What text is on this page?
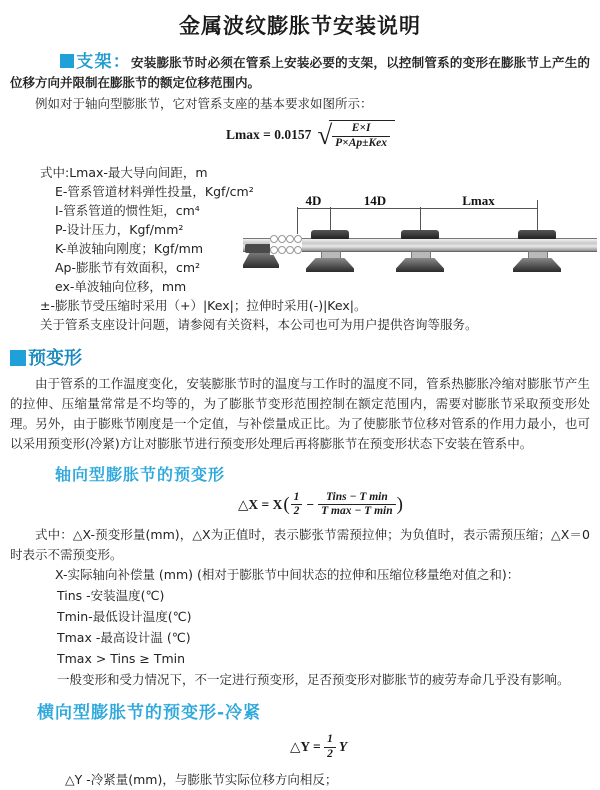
金属波纹膨胀节安装说明

支架：安装膨胀节时必须在管系上安装必要的支架，以控制管系的变形在膨胀节上产生的位移方向并限制在膨胀节的额定位移范围内。

例如对于轴向型膨胀节，它对管系支座的基本要求如图所示：

Lmax = 0.0157 √ $\frac{E\times I}{\text{P×Ap±Kex}}$
式中:Lmax-最大导向间距，m
E-管系管道材料弹性投量，Kgf/cm²
I-管系管道的惯性矩，cm⁴
P-设计压力，Kgf/mm²
K-单波轴向刚度；Kgf/mm
Ap-膨胀节有效面积，cm²
ex-单波轴向位移，mm

±-膨胀节受压缩时采用（+）|Kex|；拉伸时采用(-)|Kex|。

关于管系支座设计问题，请参阅有关资料，本公司也可为用户提供咨询等服务。

预变形

由于管系的工作温度变化，安装膨胀节时的温度与工作时的温度不同，管系热膨胀冷缩对膨胀节产生的拉伸、压缩量常常是不均等的，为了膨胀节变形范围控制在额定范围内，需要对膨胀节采取预变形处理。另外，由于膨账节刚度是一个定值，与补偿量成正比。为了使膨胀节位移对管系的作用力最小，也可以采用预变形(冷紧)方让对膨胀节进行预变形处理后再将膨胀节在预变形状态下安装在管系中。

轴向型膨胀节的预变形
△X = X ( $\frac{1}{2} - \frac{\text{Tins − T min}}{\text{T max − T min}}$ )

式中：△X-预变形量(mm)，△X为正值时，表示膨张节需预拉伸；为负值时，表示需预压缩；△X＝0时表示不需预变形。

X-实际轴向补偿量 (mm) (相对于膨胀节中间状态的拉伸和压缩位移量绝对值之和)：

Tins -安装温度(℃)

Tmin-最低设计温度(℃)

Tmax -最高设计温 (℃)

Tmax > Tins ≥ Tmin

一般变形和受力情况下，不一定进行预变形，足否预变形对膨胀节的疲劳寿命几乎没有影响。

横向型膨胀节的预变形-冷紧
△Y =
$\frac{1}{2}$ Y

△Y -冷紧量(mm)，与膨胀节实际位移方向相反；

4D	14D	Lmax
